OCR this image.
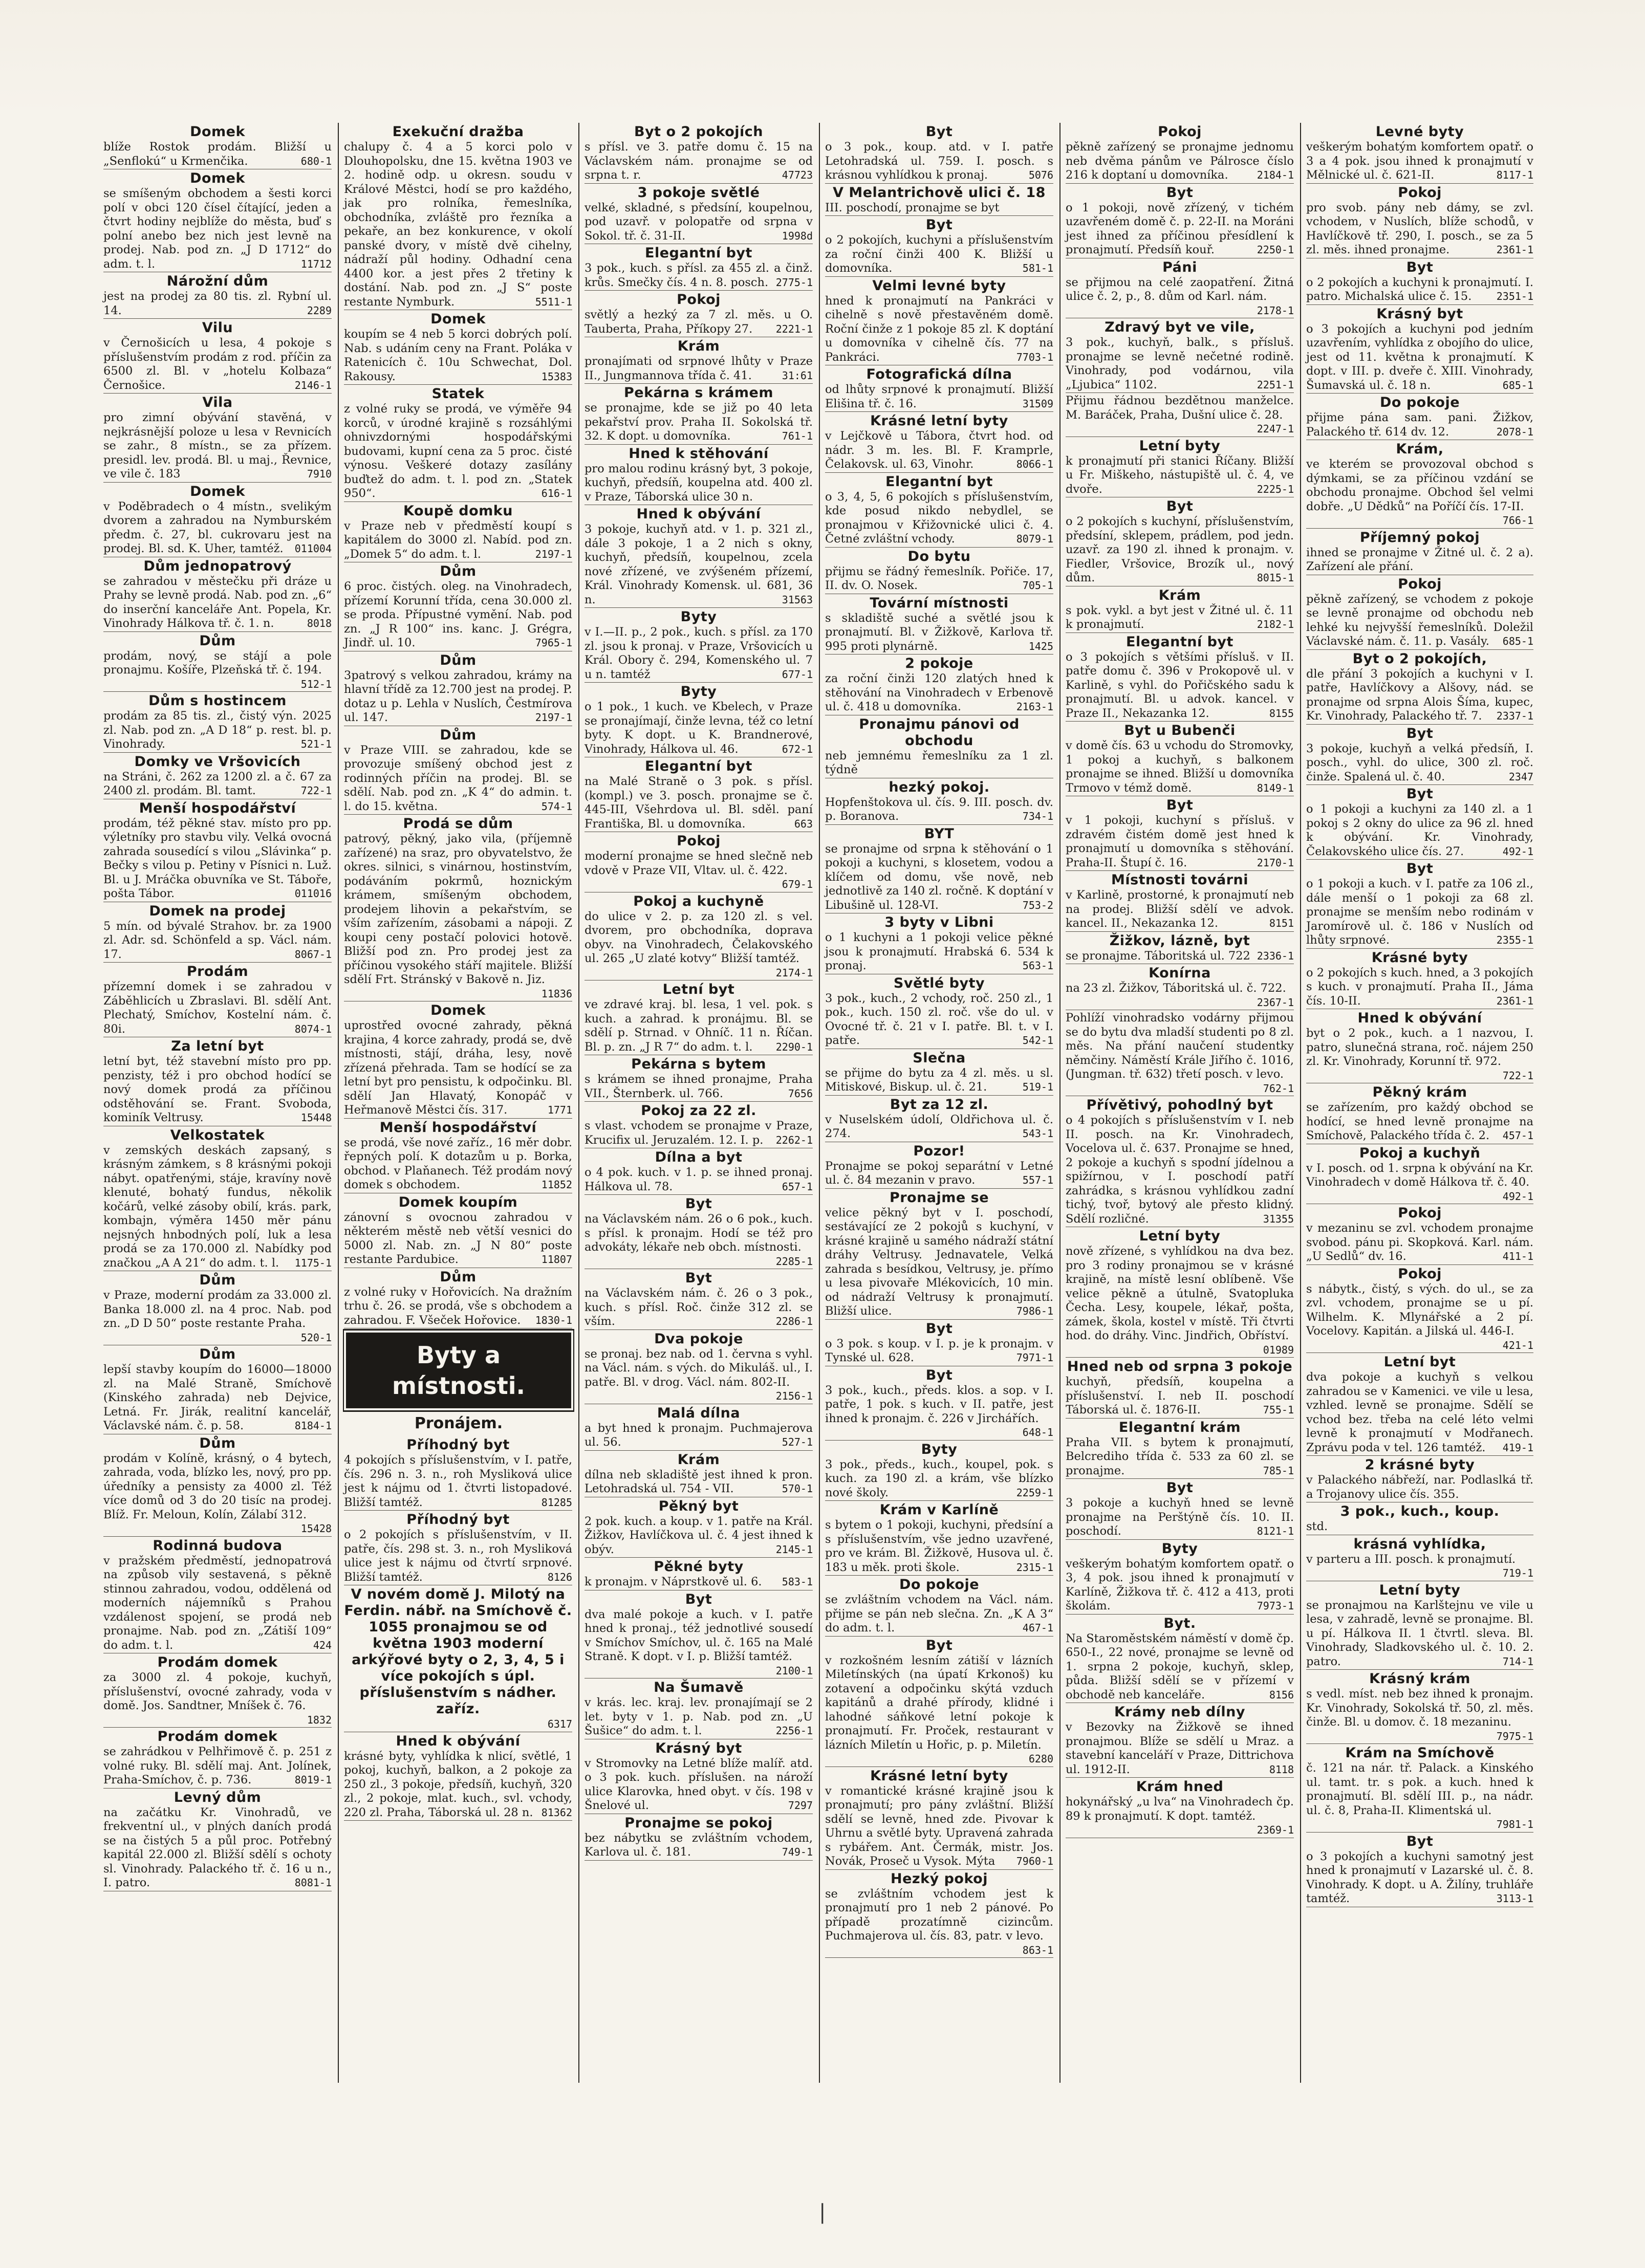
Domek

blíže Rostok prodám. Bližší u „Senflokú“ u Krmenčika.	680-1

Domek

se smíšeným obchodem a šesti korci polí v obci 120 čísel čítající, jeden a čtvrt hodiny nejblíže do města, buď s polní anebo bez nich jest levně na prodej. Nab. pod zn. „J D 1712“ do adm. t. l.	11712

Nárožní dům

jest na prodej za 80 tis. zl. Rybní ul. 14.	2289

Vilu

v Černošicích u lesa, 4 pokoje s příslušenstvím prodám z rod. příčin za 6500 zl. Bl. v „hotelu Kolbaza“ Černošice.	2146-1

Vila

pro zimní obývání stavěná, v nejkrásnější poloze u lesa v Revnicích se zahr., 8 místn., se za přízem. presidl. lev. prodá. Bl. u maj., Řevnice, ve vile č. 183	7910

Domek

v Poděbradech o 4 místn., svelikým dvorem a zahradou na Nymburském předm. č. 27, bl. cukrovaru jest na prodej. Bl. sd. K. Uher, tamtéž.	011004

Dům jednopatrový

se zahradou v městečku při dráze u Prahy se levně prodá. Nab. pod zn. „6“ do inserční kanceláře Ant. Popela, Kr. Vinohrady Hálkova tř. č. 1. n.	8018

Dům

prodám, nový, se stájí a pole pronajmu. Košíře, Plzeňská tř. č. 194.
512-1

Dům s hostincem

prodám za 85 tis. zl., čistý výn. 2025 zl. Nab. pod zn. „A D 18“ p. rest. bl. p. Vinohrady.	521-1

Domky ve Vršovicích

na Stráni, č. 262 za 1200 zl. a č. 67 za 2400 zl. prodám. Bl. tamt.	722-1

Menší hospodářství

prodám, též pěkné stav. místo pro pp. výletníky pro stavbu vily. Velká ovocná zahrada sousedící s vilou „Slávinka“ p. Bečky s vilou p. Petiny v Písnici n. Luž. Bl. u J. Mráčka obuvníka ve St. Táboře, pošta Tábor.	011016

Domek na prodej

5 mín. od bývalé Strahov. br. za 1900 zl. Adr. sd. Schönfeld a sp. Václ. nám. 17.	8067-1

Prodám

přízemní domek i se zahradou v Záběhlicích u Zbraslavi. Bl. sdělí Ant. Plechatý, Smíchov, Kostelní nám. č. 80i.	8074-1

Za letní byt

letní byt, též stavební místo pro pp. penzisty, též i pro obchod hodící se nový domek prodá za příčinou odstěhování se. Frant. Svoboda, kominík Veltrusy.	15448

Velkostatek

v zemských deskách zapsaný, s krásným zámkem, s 8 krásnými pokoji nábyt. opatřenými, stáje, kravíny nově klenuté, bohatý fundus, několik kočárů, velké zásoby obilí, krás. park, kombajn, výměra 1450 měr pánu nejsných hnbodných polí, luk a lesa prodá se za 170.000 zl. Nabídky pod značkou „A A 21“ do adm. t. l.	1175-1

Dům

v Praze, moderní prodám za 33.000 zl. Banka 18.000 zl. na 4 proc. Nab. pod zn. „D D 50“ poste restante Praha.
520-1

Dům

lepší stavby koupím do 16000—18000 zl. na Malé Straně, Smíchově (Kinského zahrada) neb Dejvice, Letná. Fr. Jirák, realitní kancelář, Václavské nám. č. p. 58.	8184-1

Dům

prodám v Kolíně, krásný, o 4 bytech, zahrada, voda, blízko les, nový, pro pp. úředníky a pensisty za 4000 zl. Též více domů od 3 do 20 tisíc na prodej. Blíž. Fr. Meloun, Kolín, Zálabí 312.
15428

Rodinná budova

v pražském předměstí, jednopatrová na způsob vily sestavená, s pěkně stinnou zahradou, vodou, oddělená od moderních nájemníků s Prahou vzdálenost spojení, se prodá neb pronajme. Nab. pod zn. „Zátiší 109“ do adm. t. l.	424

Prodám domek

za 3000 zl. 4 pokoje, kuchyň, příslušenství, ovocné zahrady, voda v domě. Jos. Sandtner, Mníšek č. 76.
1832

Prodám domek

se zahrádkou v Pelhřimově č. p. 251 z volné ruky. Bl. sdělí maj. Ant. Jolínek, Praha-Smíchov, č. p. 736.	8019-1

Levný dům

na začátku Kr. Vinohradů, ve frekventní ul., v plných daních prodá se na čistých 5 a půl proc. Potřebný kapitál 22.000 zl. Bližší sdělí s ochoty sl. Vinohrady. Palackého tř. č. 16 u n., I. patro.	8081-1

Exekuční dražba

chalupy č. 4 a 5 korci polo v Dlouhopolsku, dne 15. května 1903 ve 2. hodině odp. u okresn. soudu v Králové Městci, hodí se pro každého, jak pro rolníka, řemeslníka, obchodníka, zvláště pro řezníka a pekaře, an bez konkurence, v okolí panské dvory, v místě dvě cihelny, nádraží půl hodiny. Odhadní cena 4400 kor. a jest přes 2 třetiny k dostání. Nab. pod zn. „J S“ poste restante Nymburk.	5511-1

Domek

koupím se 4 neb 5 korci dobrých polí. Nab. s udáním ceny na Frant. Poláka v Ratenicích č. 10u Schwechat, Dol. Rakousy.	15383

Statek

z volné ruky se prodá, ve výměře 94 korců, v úrodné krajině s rozsáhlými ohnivzdornými hospodářskými budovami, kupní cena za 5 proc. čisté výnosu. Veškeré dotazy zasílány buďtež do adm. t. l. pod zn. „Statek 950“.	616-1

Koupě domku

v Praze neb v předměstí koupí s kapitálem do 3000 zl. Nabíd. pod zn. „Domek 5“ do adm. t. l.	2197-1

Dům

6 proc. čistých. oleg. na Vinohradech, přízemí Korunní třída, cena 30.000 zl. se proda. Přípustné vymění. Nab. pod zn. „J R 100“ ins. kanc. J. Grégra, Jindř. ul. 10.	7965-1

Dům

3patrový s velkou zahradou, krámy na hlavní třídě za 12.700 jest na prodej. P. dotaz u p. Lehla v Nuslích, Čestmírova ul. 147.	2197-1

Dům

v Praze VIII. se zahradou, kde se provozuje smíšený obchod jest z rodinných příčin na prodej. Bl. se sdělí. Nab. pod zn. „K 4“ do admin. t. l. do 15. května.	574-1

Prodá se dům

patrový, pěkný, jako vila, (příjemně zařízené) na sraz, pro obyvatelstvo, že okres. silnici, s vinárnou, hostinstvím, podáváním pokrmů, hoznickým krámem, smíšeným obchodem, prodejem lihovin a pekařstvím, se vším zařízením, zásobami a nápoji. Z koupi ceny postačí polovici hotově. Bližší pod zn. Pro prodej jest za příčinou vysokého stáří majitele. Bližší sdělí Frt. Stránský v Bakově n. Jiz.
11836

Domek

uprostřed ovocné zahrady, pěkná krajina, 4 korce zahrady, prodá se, dvě místnosti, stájí, dráha, lesy, nově zřízená přehrada. Tam se hodící se za letní byt pro pensistu, k odpočinku. Bl. sdělí Jan Hlavatý, Konopáč v Heřmanově Městci čís. 317.	1771

Menší hospodářství

se prodá, vše nové zaříz., 16 měr dobr. řepných polí. K dotazům u p. Borka, obchod. v Plaňanech. Též prodám nový domek s obchodem.	11852

Domek koupím

zánovní s ovocnou zahradou v některém městě neb větší vesnici do 5000 zl. Nab. zn. „J N 80“ poste restante Pardubice.	11807

Dům

z volné ruky v Hořovicích. Na dražním trhu č. 26. se prodá, vše s obchodem a zahradou. F. Všeček Hořovice.	1830-1

Byty a místnosti.
Pronájem.
Příhodný byt

4 pokojích s příslušenstvím, v I. patře, čís. 296 n. 3. n., roh Mysliková ulice jest k nájmu od 1. čtvrti listopadové. Bližší tamtéž.	81285

Příhodný byt

o 2 pokojích s příslušenstvím, v II. patře, čís. 298 st. 3. n., roh Mysliková ulice jest k nájmu od čtvrtí srpnové. Bližší tamtéž.	8126

V novém domě J. Milotý na Ferdin. nábř. na Smíchově č. 1055 pronajmou se od května 1903 moderní arkýřové byty o 2, 3, 4, 5 i více pokojích s úpl. příslušenstvím s nádher. zaříz.

6317

Hned k obývání

krásné byty, vyhlídka k nlicí, světlé, 1 pokoj, kuchyň, balkon, a 2 pokoje za 250 zl., 3 pokoje, předsíň, kuchyň, 320 zl., 2 pokoje, mlat. kuch., svl. vchody, 220 zl. Praha, Táborská ul. 28 n. 81362

Byt o 2 pokojích

s přísl. ve 3. patře domu č. 15 na Václavském nám. pronajme se od srpna t. r.	47723

3 pokoje světlé

velké, skladné, s předsíní, koupelnou, pod uzavř. v polopatře od srpna v Sokol. tř. č. 31-II.	1998d

Elegantní byt

3 pok., kuch. s přísl. za 455 zl. a činž. krůs. Smečky čís. 4 n. 8. posch. 2775-1

Pokoj

světlý a hezký za 7 zl. měs. u O. Tauberta, Praha, Příkopy 27.	2221-1

Krám

pronajímati od srpnové lhůty v Praze II., Jungmannova třída č. 41.	31:61

Pekárna s krámem

se pronajme, kde se již po 40 leta pekařství prov. Praha II. Sokolská tř. 32. K dopt. u domovníka.	761-1

Hned k stěhování

pro malou rodinu krásný byt, 3 pokoje, kuchyň, předsíň, koupelna atd. 400 zl. v Praze, Táborská ulice 30 n.

Hned k obývání

3 pokoje, kuchyň atd. v 1. p. 321 zl., dále 3 pokoje, 1 a 2 nich s okny, kuchyň, předsíň, koupelnou, zcela nové zřízené, ve zvýšeném přízemí, Král. Vinohrady Komensk. ul. 681, 36 n.	31563

Byty

v I.—II. p., 2 pok., kuch. s přísl. za 170 zl. jsou k pronaj. v Praze, Vršovicích u Král. Obory č. 294, Komenského ul. 7 u n. tamtéž	677-1

Byty

o 1 pok., 1 kuch. ve Kbelech, v Praze se pronajímají, činže levna, též co letní byty. K dopt. u K. Brandnerové, Vinohrady, Hálkova ul. 46.	672-1

Elegantní byt

na Malé Straně o 3 pok. s přísl. (kompl.) ve 3. posch. pronajme se č. 445-III, Všehrdova ul. Bl. sděl. paní Františka, Bl. u domovníka.	663

Pokoj

moderní pronajme se hned slečně neb vdově v Praze VII, Vltav. ul. č. 422.
679-1

Pokoj a kuchyně

do ulice v 2. p. za 120 zl. s vel. dvorem, pro obchodníka, doprava obyv. na Vinohradech, Čelakovského ul. 265 „U zlaté kotvy“ Bližší tamtéž.
2174-1

Letní byt

ve zdravé kraj. bl. lesa, 1 vel. pok. s kuch. a zahrad. k pronájmu. Bl. se sdělí p. Strnad. v Ohníč. 11 n. Říčan. Bl. p. zn. „J R 7“ do adm. t. l.	2290-1

Pekárna s bytem

s krámem se ihned pronajme, Praha VII., Šternberk. ul. 766.	7656

Pokoj za 22 zl.

s vlast. vchodem se pronajme v Praze, Krucifix ul. Jeruzalém. 12. I. p.	2262-1

Dílna a byt

o 4 pok. kuch. v 1. p. se ihned pronaj. Hálkova ul. 78.	657-1

Byt

na Václavském nám. 26 o 6 pok., kuch. s přísl. k pronajm. Hodí se též pro advokáty, lékaře neb obch. místnosti.
2285-1

Byt

na Václavském nám. č. 26 o 3 pok., kuch. s přísl. Roč. činže 312 zl. se vším.	2286-1

Dva pokoje

se pronaj. bez nab. od 1. června s vyhl. na Václ. nám. s vých. do Mikuláš. ul., I. patře. Bl. v drog. Václ. nám. 802-II.
2156-1

Malá dílna

a byt hned k pronajm. Puchmajerova ul. 56.	527-1

Krám

dílna neb skladiště jest ihned k pron. Letohradská ul. 754 - VII.	570-1

Pěkný byt

2 pok. kuch. a koup. v 1. patře na Král. Žižkov, Havlíčkova ul. č. 4 jest ihned k obýv.	2145-1

Pěkné byty

k pronajm. v Náprstkově ul. 6.	583-1

Byt

dva malé pokoje a kuch. v I. patře hned k pronaj., též jednotlivé sousedí v Smíchov Smíchov, ul. č. 165 na Malé Straně. K dopt. v I. p. Bližší tamtéž.
2100-1

Na Šumavě

v krás. lec. kraj. lev. pronajímají se 2 let. byty v 1. p. Nab. pod zn. „U Šušice“ do adm. t. l.	2256-1

Krásný byt

v Stromovky na Letné blíže malíř. atd. o 3 pok. kuch. příslušen. na nároží ulice Klarovka, hned obyt. v čís. 198 v Šnelové ul.	7297

Pronajme se pokoj

bez nábytku se zvláštním vchodem, Karlova ul. č. 181.	749-1

Byt

o 3 pok., koup. atd. v I. patře Letohradská ul. 759. I. posch. s krásnou vyhlídkou k pronaj.	5076

V Melantrichově ulici č. 18

III. poschodí, pronajme se byt

Byt

o 2 pokojích, kuchyni a příslušenstvím za roční činži 400 K. Bližší u domovníka.	581-1

Velmi levné byty

hned k pronajmutí na Pankráci v cihelně s nově přestavěném domě. Roční činže z 1 pokoje 85 zl. K doptání u domovníka v cihelně čís. 77 na Pankráci.	7703-1

Fotografická dílna

od lhůty srpnové k pronajmutí. Bližší Elišina tř. č. 16.	31509

Krásné letní byty

v Lejčkově u Tábora, čtvrt hod. od nádr. 3 m. les. Bl. F. Kramprle, Čelakovsk. ul. 63, Vinohr.	8066-1

Elegantní byt

o 3, 4, 5, 6 pokojích s příslušenstvím, kde posud nikdo nebydlel, se pronajmou v Křižovnické ulici č. 4. Četné zvláštní vchody.	8079-1

Do bytu

přijmu se řádný řemeslník. Pořiče. 17, II. dv. O. Nosek.	705-1

Tovární místnosti

s skladiště suché a světlé jsou k pronajmutí. Bl. v Žižkově, Karlova tř. 995 proti plynárně.	1425

2 pokoje

za roční činži 120 zlatých hned k stěhování na Vinohradech v Erbenově ul. č. 418 u domovníka.	2163-1

Pronajmu pánovi od obchodu

neb jemnému řemeslníku za 1 zl. týdně

hezký pokoj.

Hopfenštokova ul. čís. 9. III. posch. dv. p. Boranova.	734-1

BYT

se pronajme od srpna k stěhování o 1 pokoji a kuchyni, s klosetem, vodou a klíčem od domu, vše nově, neb jednotlivě za 140 zl. ročně. K doptání v Libušině ul. 128-VI.	753-2

3 byty v Libni

o 1 kuchyni a 1 pokoji velice pěkné jsou k pronajmutí. Hrabská 6. 534 k pronaj.	563-1

Světlé byty

3 pok., kuch., 2 vchody, roč. 250 zl., 1 pok., kuch. 150 zl. roč. vše do ul. v Ovocné tř. č. 21 v I. patře. Bl. t. v I. patře.	542-1

Slečna

se přijme do bytu za 4 zl. měs. u sl. Mitiskové, Biskup. ul. č. 21.	519-1

Byt za 12 zl.

v Nuselském údolí, Oldřichova ul. č. 274.	543-1

Pozor!

Pronajme se pokoj separátní v Letné ul. č. 84 mezanin v pravo.	557-1

Pronajme se

velice pěkný byt v I. poschodí, sestávající ze 2 pokojů s kuchyní, v krásné krajině u samého nádraží státní dráhy Veltrusy. Jednavatele, Velká zahrada s besídkou, Veltrusy, je. přímo u lesa pivovaře Mlékovicích, 10 min. od nádraží Veltrusy k pronajmutí. Bližší ulice.	7986-1

Byt

o 3 pok. s koup. v I. p. je k pronajm. v Tynské ul. 628.	7971-1

Byt

3 pok., kuch., předs. klos. a sop. v I. patře, 1 pok. s kuch. v II. patře, jest ihned k pronajm. č. 226 v Jirchářích.
648-1

Byty

3 pok., předs., kuch., koupel, pok. s kuch. za 190 zl. a krám, vše blízko nové školy.	2259-1

Krám v Karlíně

s bytem o 1 pokoji, kuchyni, předsíní a s příslušenstvím, vše jedno uzavřené, pro ve krám. Bl. Žižkově, Husova ul. č. 183 u měk. proti škole.	2315-1

Do pokoje

se zvláštním vchodem na Václ. nám. přijme se pán neb slečna. Zn. „K A 3“ do adm. t. l.	467-1

Byt

v rozkošném lesním zátiší v lázních Miletínských (na úpatí Krkonoš) ku zotavení a odpočinku skýtá vzduch kapitánů a drahé přírody, klidné i lahodné sáňkové letní pokoje k pronajmutí. Fr. Proček, restaurant v lázních Miletín u Hořic, p. p. Miletín.
6280

Krásné letní byty

v romantické krásné krajině jsou k pronajmutí; pro pány zvláštní. Bližší sdělí se levně, hned zde. Pivovar k Uhrnu a světlé byty. Upravená zahrada s rybářem. Ant. Čermák, mistr. Jos. Novák, Proseč u Vysok. Mýta	7960-1

Hezký pokoj

se zvláštním vchodem jest k pronajmutí pro 1 neb 2 pánové. Po případě prozatímně cizincům. Puchmajerova ul. čís. 83, patr. v levo.
863-1

Pokoj

pěkně zařízený se pronajme jednomu neb dvěma pánům ve Pálrosce číslo 216 k doptaní u domovníka.	2184-1

Byt

o 1 pokoji, nově zřízený, v tichém uzavřeném domě č. p. 22-II. na Moráni jest ihned za příčinou přesídlení k pronajmutí. Předsíň kouř.	2250-1

Páni

se přijmou na celé zaopatření. Žitná ulice č. 2, p., 8. dům od Karl. nám.
2178-1

Zdravý byt ve vile,

3 pok., kuchyň, balk., s přísluš. pronajme se levně nečetné rodině. Vinohrady, pod vodárnou, vila „Ljubica“ 1102.	2251-1

Přijmu řádnou bezdětnou manželce. M. Baráček, Praha, Dušní ulice č. 28.
2247-1

Letní byty

k pronajmutí při stanici Říčany. Bližší u Fr. Miškeho, nástupiště ul. č. 4, ve dvoře.	2225-1

Byt

o 2 pokojích s kuchyní, příslušenstvím, předsíní, sklepem, prádlem, pod jedn. uzavř. za 190 zl. ihned k pronajm. v. Fiedler, Vršovice, Brozík ul., nový dům.	8015-1

Krám

s pok. vykl. a byt jest v Žitné ul. č. 11 k pronajmutí.	2182-1

Elegantní byt

o 3 pokojích s většími přísluš. v II. patře domu č. 396 v Prokopově ul. v Karlině, s vyhl. do Pořičského sadu k pronajmutí. Bl. u advok. kancel. v Praze II., Nekazanka 12.	8155

Byt u Bubenči

v domě čís. 63 u vchodu do Stromovky, 1 pokoj a kuchyň, s balkonem pronajme se ihned. Bližší u domovníka Trmovo v témž domě.	8149-1

Byt

v 1 pokoji, kuchyní s přísluš. v zdravém čistém domě jest hned k pronajmutí u domovníka s stěhování. Praha-II. Štupí č. 16.	2170-1

Místnosti továrni

v Karlině, prostorné, k pronajmutí neb na prodej. Bližší sdělí ve advok. kancel. II., Nekazanka 12.	8151

Žižkov, lázně, byt

se pronajme. Táboritská ul. 722 2336-1

Konírna

na 23 zl. Žižkov, Táboritská ul. č. 722.
2367-1

Pohlíží vinohradsko vodárny přijmou se do bytu dva mladší studenti po 8 zl. měs. Na přání naučení studentky němčiny. Náměstí Krále Jiřího č. 1016, (Jungman. tř. 632) třetí posch. v levo.
762-1

Přívětivý, pohodlný byt

o 4 pokojích s příslušenstvím v I. neb II. posch. na Kr. Vinohradech, Vocelova ul. č. 637. Pronajme se hned, 2 pokoje a kuchyň s spodní jídelnou a spižírnou, v I. poschodí patří zahrádka, s krásnou vyhlídkou zadní tichý, tvoř, bytový ale přesto klidný. Sdělí rozličné.	31355

Letní byty

nově zřízené, s vyhlídkou na dva bez. pro 3 rodiny pronajmou se v krásné krajině, na místě lesní oblíbeně. Vše velice pěkně a útulně, Svatopluka Čecha. Lesy, koupele, lékař, pošta, zámek, škola, kostel v místě. Tři čtvrti hod. do dráhy. Vinc. Jindřich, Obříství.
01989

Hned neb od srpna 3 pokoje

kuchyň, předsíň, koupelna a příslušenství. I. neb II. poschodí Táborská ul. č. 1876-II.	755-1

Elegantní krám

Praha VII. s bytem k pronajmutí, Belcrediho třída č. 533 za 60 zl. se pronajme.	785-1

Byt

3 pokoje a kuchyň hned se levně pronajme na Perštýně čís. 10. II. poschodí.	8121-1

Byty

veškerým bohatým komfortem opatř. o 3, 4 pok. jsou ihned k pronajmutí v Karlíně, Žižkova tř. č. 412 a 413, proti školám.	7973-1

Byt.

Na Staroměstském náměstí v domě čp. 650-I., 22 nové, pronajme se levně od 1. srpna 2 pokoje, kuchyň, sklep, půda. Bližší sdělí se v přízemí v obchodě neb kanceláře.	8156

Krámy neb dílny

v Bezovky na Žižkově se ihned pronajmou. Blíže se sdělí u Mraz. a stavební kanceláří v Praze, Dittrichova ul. 1912-II.	8118

Krám hned

hokynářský „u lva“ na Vinohradech čp. 89 k pronajmutí. K dopt. tamtéž.
2369-1

Levné byty

veškerým bohatým komfortem opatř. o 3 a 4 pok. jsou ihned k pronajmutí v Mělnické ul. č. 621-II.	8117-1

Pokoj

pro svob. pány neb dámy, se zvl. vchodem, v Nuslích, blíže schodů, v Havlíčkově tř. 290, I. posch., se za 5 zl. měs. ihned pronajme.	2361-1

Byt

o 2 pokojích a kuchyni k pronajmutí. I. patro. Michalská ulice č. 15.	2351-1

Krásný byt

o 3 pokojích a kuchyni pod jedním uzavřením, vyhlídka z obojího do ulice, jest od 11. května k pronajmutí. K dopt. v III. p. dveře č. XIII. Vinohrady, Šumavská ul. č. 18 n.	685-1

Do pokoje

přijme pána sam. pani. Žižkov, Palackého tř. 614 dv. 12.	2078-1

Krám,

ve kterém se provozoval obchod s dýmkami, se za příčinou vzdání se obchodu pronajme. Obchod šel velmi dobře. „U Dědků“ na Poříčí čís. 17-II.
766-1

Příjemný pokoj

ihned se pronajme v Žitné ul. č. 2 a). Zařízení ale přání.

Pokoj

pěkně zařízený, se vchodem z pokoje se levně pronajme od obchodu neb lehké ku nejvyšší řemeslníků. Doležil Václavské nám. č. 11. p. Vasály.	685-1

Byt o 2 pokojích,

dle přání 3 pokojích a kuchyni v I. patře, Havlíčkovy a Alšovy, nád. se pronajme od srpna Alois Šíma, kupec, Kr. Vinohrady, Palackého tř. 7.	2337-1

Byt

3 pokoje, kuchyň a velká předsíň, I. posch., vyhl. do ulice, 300 zl. roč. činže. Spalená ul. č. 40.	2347

Byt

o 1 pokoji a kuchyni za 140 zl. a 1 pokoj s 2 okny do ulice za 96 zl. hned k obývání. Kr. Vinohrady, Čelakovského ulice čís. 27.	492-1

Byt

o 1 pokoji a kuch. v I. patře za 106 zl., dále menší o 1 pokoji za 68 zl. pronajme se menším nebo rodinám v Jaromírově ul. č. 186 v Nuslích od lhůty srpnové.	2355-1

Krásné byty

o 2 pokojích s kuch. hned, a 3 pokojích s kuch. v pronajmutí. Praha II., Jáma čís. 10-II.	2361-1

Hned k obývání

byt o 2 pok., kuch. a 1 nazvou, I. patro, slunečná strana, roč. nájem 250 zl. Kr. Vinohrady, Korunní tř. 972.
722-1

Pěkný krám

se zařízením, pro každý obchod se hodící, se hned levně pronajme na Smíchově, Palackého třída č. 2.	457-1

Pokoj a kuchyň

v I. posch. od 1. srpna k obývání na Kr. Vinohradech v domě Hálkova tř. č. 40.
492-1

Pokoj

v mezaninu se zvl. vchodem pronajme svobod. pánu pi. Skopková. Karl. nám. „U Sedlů“ dv. 16.	411-1

Pokoj

s nábytk., čistý, s vých. do ul., se za zvl. vchodem, pronajme se u pí. Wilhelm. K. Mlynářské a 2 pí. Vocelovy. Kapitán. a Jilská ul. 446-I.
421-1

Letní byt

dva pokoje a kuchyň s velkou zahradou se v Kamenici. ve vile u lesa, vzhled. levně se pronajme. Sdělí se vchod bez. třeba na celé léto velmi levně k pronajmutí v Modřanech. Zprávu poda v tel. 126 tamtéž.	419-1

2 krásné byty

v Palackého nábřeží, nar. Podlaslká tř. a Trojanovy ulice čís. 355.

3 pok., kuch., koup.

std.

krásná vyhlídka,

v parteru a III. posch. k pronajmutí.
719-1

Letní byty

se pronajmou na Karlštejnu ve vile u lesa, v zahradě, levně se pronajme. Bl. u pí. Hálkova II. 1 čtvrtl. sleva. Bl. Vinohrady, Sladkovského ul. č. 10. 2. patro.	714-1

Krásný krám

s vedl. míst. neb bez ihned k pronajm. Kr. Vinohrady, Sokolská tř. 50, zl. měs. činže. Bl. u domov. č. 18 mezaninu.
7975-1

Krám na Smíchově

č. 121 na nár. tř. Palack. a Kinského ul. tamt. tr. s pok. a kuch. hned k pronajmutí. Bl. sdělí III. p., na nádr. ul. č. 8, Praha-II. Klimentská ul.
7981-1

Byt

o 3 pokojích a kuchyni samotný jest hned k pronajmutí v Lazarské ul. č. 8. Vinohrady. K dopt. u A. Žilíny, truhláře tamtéž.	3113-1

|
